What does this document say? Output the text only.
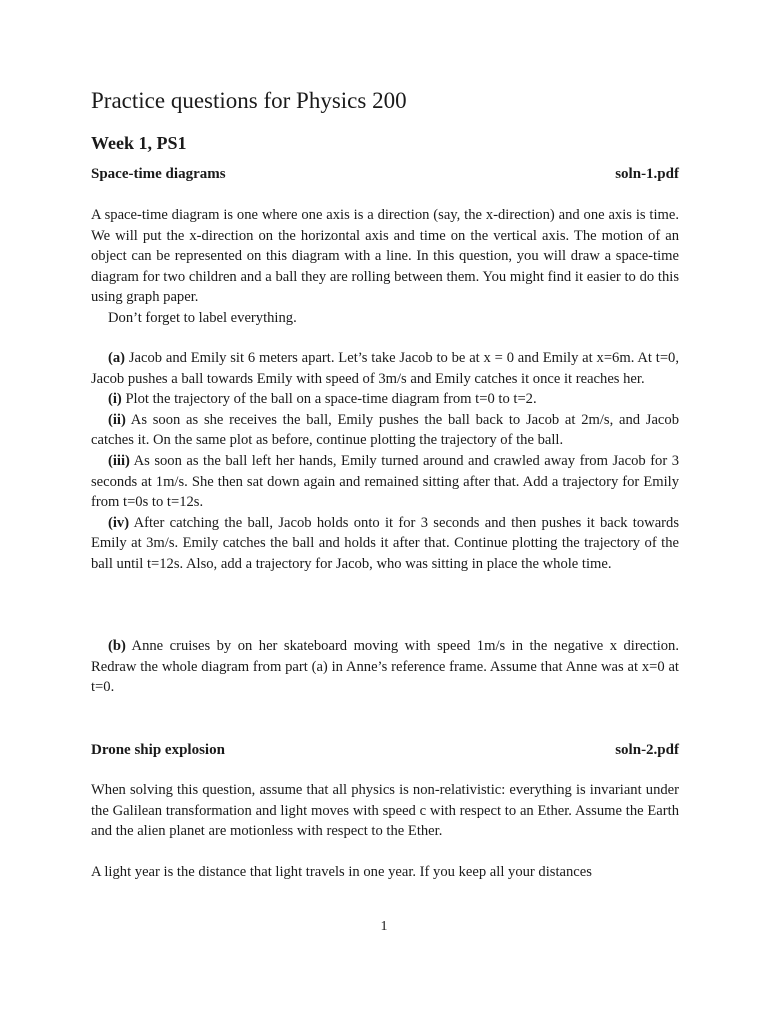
Practice questions for Physics 200
Week 1, PS1
Space-time diagrams	soln-1.pdf

A space-time diagram is one where one axis is a direction (say, the x-direction) and one axis is time. We will put the x-direction on the horizontal axis and time on the vertical axis. The motion of an object can be represented on this diagram with a line. In this question, you will draw a space-time diagram for two children and a ball they are rolling between them. You might find it easier to do this using graph paper.

Don’t forget to label everything.

(a) Jacob and Emily sit 6 meters apart. Let’s take Jacob to be at x = 0 and Emily at x=6m. At t=0, Jacob pushes a ball towards Emily with speed of 3m/s and Emily catches it once it reaches her.

(i) Plot the trajectory of the ball on a space-time diagram from t=0 to t=2.

(ii) As soon as she receives the ball, Emily pushes the ball back to Jacob at 2m/s, and Jacob catches it. On the same plot as before, continue plotting the trajectory of the ball.

(iii) As soon as the ball left her hands, Emily turned around and crawled away from Jacob for 3 seconds at 1m/s. She then sat down again and remained sitting after that. Add a trajectory for Emily from t=0s to t=12s.

(iv) After catching the ball, Jacob holds onto it for 3 seconds and then pushes it back towards Emily at 3m/s. Emily catches the ball and holds it after that. Continue plotting the trajectory of the ball until t=12s. Also, add a trajectory for Jacob, who was sitting in place the whole time.

(b) Anne cruises by on her skateboard moving with speed 1m/s in the negative x direction. Redraw the whole diagram from part (a) in Anne’s reference frame. Assume that Anne was at x=0 at t=0.

Drone ship explosion	soln-2.pdf

When solving this question, assume that all physics is non-relativistic: everything is invariant under the Galilean transformation and light moves with speed c with respect to an Ether. Assume the Earth and the alien planet are motionless with respect to the Ether.

A light year is the distance that light travels in one year. If you keep all your distances

1
